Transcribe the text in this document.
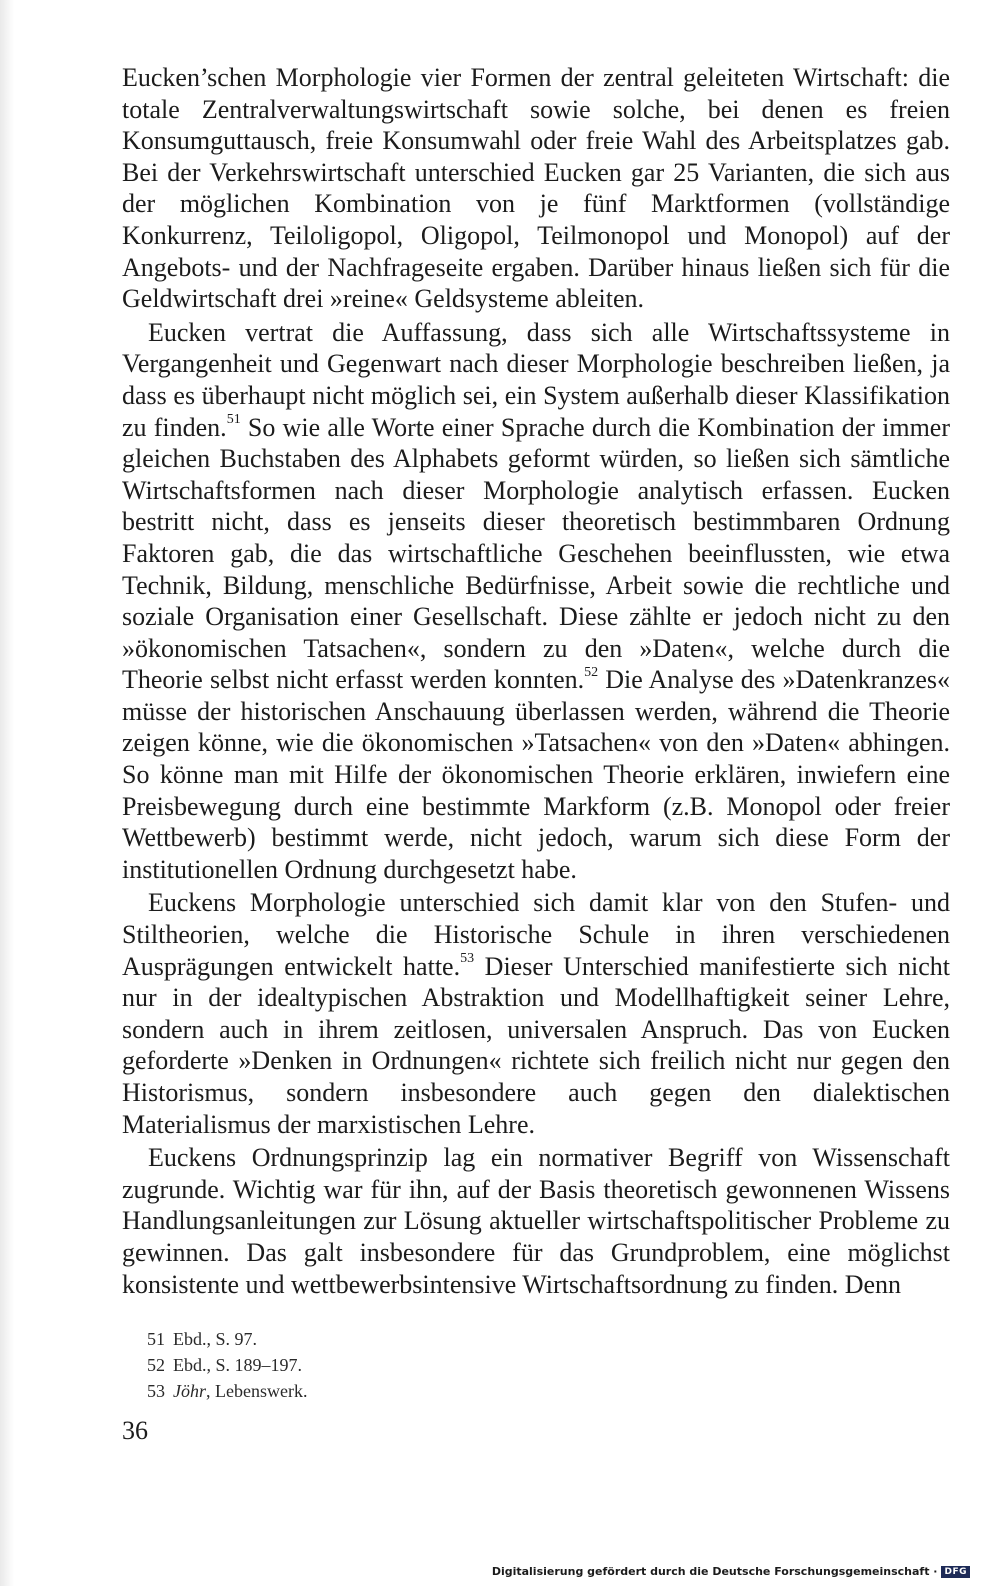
Eucken’schen Morphologie vier Formen der zentral geleiteten Wirtschaft: die totale Zentralverwaltungswirtschaft sowie solche, bei denen es freien Konsumguttausch, freie Konsumwahl oder freie Wahl des Arbeitsplatzes gab. Bei der Verkehrswirtschaft unterschied Eucken gar 25 Varianten, die sich aus der möglichen Kombination von je fünf Marktformen (vollständige Konkurrenz, Teiloligopol, Oligopol, Teilmonopol und Monopol) auf der Angebots- und der Nachfrageseite ergaben. Darüber hinaus ließen sich für die Geldwirtschaft drei »reine« Geldsysteme ableiten.

Eucken vertrat die Auffassung, dass sich alle Wirtschaftssysteme in Vergangenheit und Gegenwart nach dieser Morphologie beschreiben ließen, ja dass es überhaupt nicht möglich sei, ein System außerhalb dieser Klassifikation zu finden.$^{51}$ So wie alle Worte einer Sprache durch die Kombination der immer gleichen Buchstaben des Alphabets geformt würden, so ließen sich sämtliche Wirtschaftsformen nach dieser Morphologie analytisch erfassen. Eucken bestritt nicht, dass es jenseits dieser theoretisch bestimmbaren Ordnung Faktoren gab, die das wirtschaftliche Geschehen beeinflussten, wie etwa Technik, Bildung, menschliche Bedürfnisse, Arbeit sowie die rechtliche und soziale Organisation einer Gesellschaft. Diese zählte er jedoch nicht zu den »ökonomischen Tatsachen«, sondern zu den »Daten«, welche durch die Theorie selbst nicht erfasst werden konnten.$^{52}$ Die Analyse des »Datenkranzes« müsse der historischen Anschauung überlassen werden, während die Theorie zeigen könne, wie die ökonomischen »Tatsachen« von den »Daten« abhingen. So könne man mit Hilfe der ökonomischen Theorie erklären, inwiefern eine Preisbewegung durch eine bestimmte Markform (z.B. Monopol oder freier Wettbewerb) bestimmt werde, nicht jedoch, warum sich diese Form der institutionellen Ordnung durchgesetzt habe.

Euckens Morphologie unterschied sich damit klar von den Stufen- und Stiltheorien, welche die Historische Schule in ihren verschiedenen Ausprägungen entwickelt hatte.$^{53}$ Dieser Unterschied manifestierte sich nicht nur in der idealtypischen Abstraktion und Modellhaftigkeit seiner Lehre, sondern auch in ihrem zeitlosen, universalen Anspruch. Das von Eucken geforderte »Denken in Ordnungen« richtete sich freilich nicht nur gegen den Historismus, sondern insbesondere auch gegen den dialektischen Materialismus der marxistischen Lehre.

Euckens Ordnungsprinzip lag ein normativer Begriff von Wissenschaft zugrunde. Wichtig war für ihn, auf der Basis theoretisch gewonnenen Wissens Handlungsanleitungen zur Lösung aktueller wirtschaftspolitischer Probleme zu gewinnen. Das galt insbesondere für das Grundproblem, eine möglichst konsistente und wettbewerbsintensive Wirtschaftsordnung zu finden. Denn

51 Ebd., S. 97.
52 Ebd., S. 189–197.
53 Jöhr, Lebenswerk.
36
Digitalisierung gefördert durch die Deutsche Forschungsgemeinschaft · DFG
